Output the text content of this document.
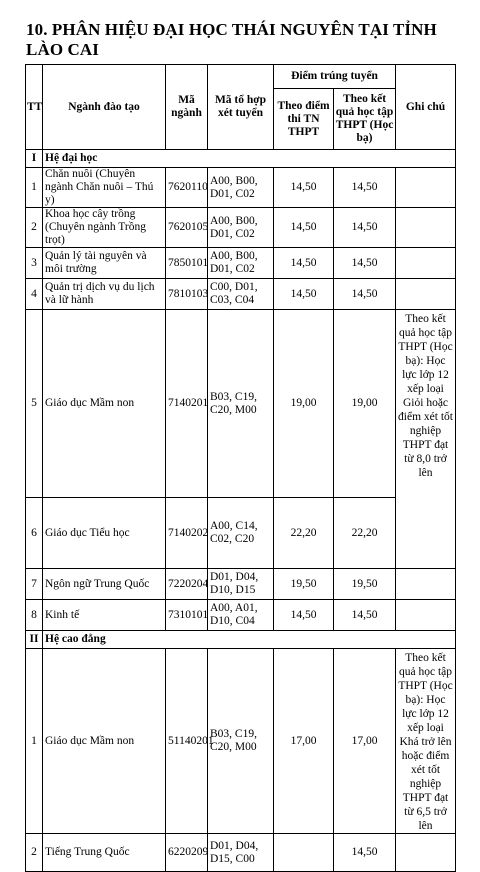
10. PHÂN HIỆU ĐẠI HỌC THÁI NGUYÊN TẠI TỈNH LÀO CAI
TT	Ngành đào tạo	Mã ngành	Mã tổ hợp xét tuyển	Điểm trúng tuyển		Ghi chú
				Theo điểm thi TN THPT	Theo kết quả học tập THPT (Học bạ)	
I	Hệ đại học					
1	Chăn nuôi (Chuyên ngành Chăn nuôi – Thú y)	7620110	A00, B00, D01, C02	14,50	14,50	
2	Khoa học cây trồng (Chuyên ngành Trồng trọt)	7620105	A00, B00, D01, C02	14,50	14,50	
3	Quản lý tài nguyên và môi trường	7850101	A00, B00, D01, C02	14,50	14,50	
4	Quản trị dịch vụ du lịch và lữ hành	7810103	C00, D01, C03, C04	14,50	14,50	
5	Giáo dục Mầm non	7140201	B03, C19, C20, M00	19,00	19,00	Theo kết quả học tập THPT (Học bạ): Học lực lớp 12 xếp loại Giỏi hoặc điểm xét tốt nghiệp THPT đạt từ 8,0 trở lên
6	Giáo dục Tiểu học	7140202	A00, C14, C02, C20	22,20	22,20	
7	Ngôn ngữ Trung Quốc	7220204	D01, D04, D10, D15	19,50	19,50	
8	Kinh tế	7310101	A00, A01, D10, C04	14,50	14,50	
II	Hệ cao đẳng					
1	Giáo dục Mầm non	51140201	B03, C19, C20, M00	17,00	17,00	Theo kết quả học tập THPT (Học bạ): Học lực lớp 12 xếp loại Khá trở lên hoặc điểm xét tốt nghiệp THPT đạt từ 6,5 trở lên
2	Tiếng Trung Quốc	6220209	D01, D04, D15, C00		14,50	
